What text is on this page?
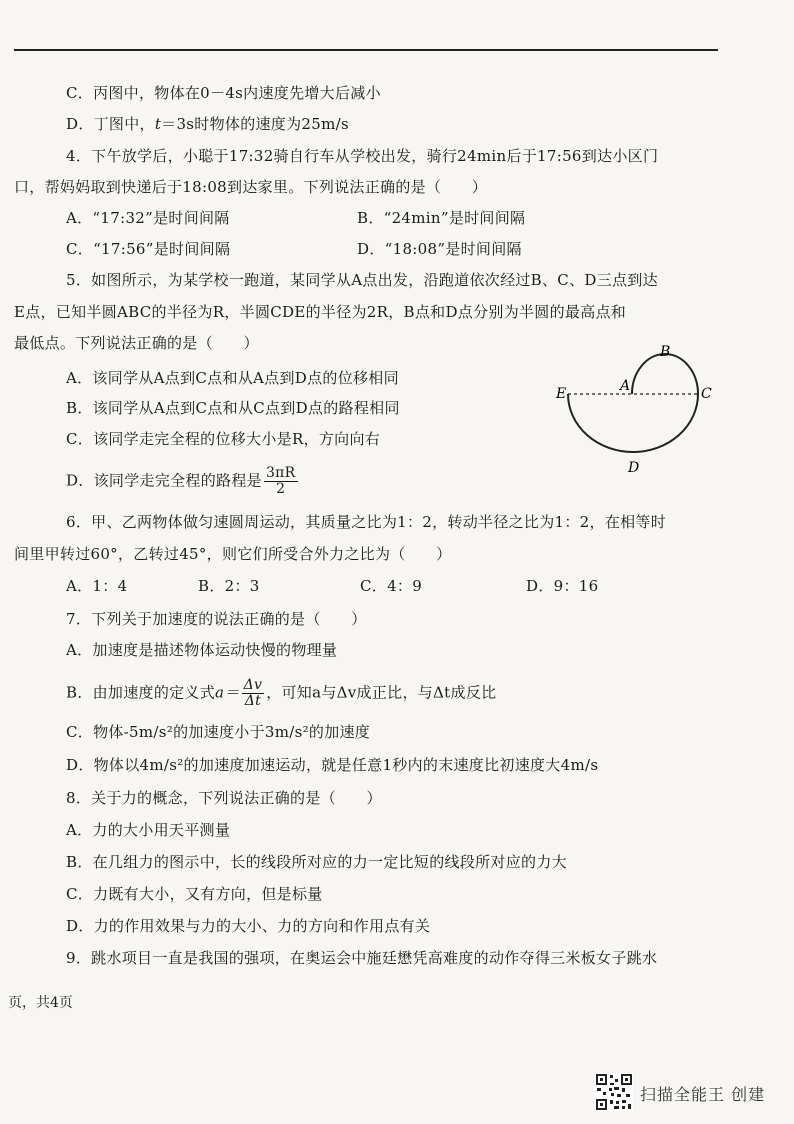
C．丙图中，物体在0－4s内速度先增大后减小
D．丁图中，t＝3s时物体的速度为25m/s
4．下午放学后，小聪于17:32骑自行车从学校出发，骑行24min后于17:56到达小区门
口，帮妈妈取到快递后于18:08到达家里。下列说法正确的是（　　）
A．“17:32”是时间间隔	B．“24min”是时间间隔
C．“17:56”是时间间隔	D．“18:08”是时间间隔
5．如图所示，为某学校一跑道，某同学从A点出发，沿跑道依次经过B、C、D三点到达
E点，已知半圆ABC的半径为R，半圆CDE的半径为2R，B点和D点分别为半圆的最高点和
最低点。下列说法正确的是（　　）
A．该同学从A点到C点和从A点到D点的位移相同
B．该同学从A点到C点和从C点到D点的路程相同
C．该同学走完全程的位移大小是R，方向向右
D．该同学走完全程的路程是 $\frac{3\pi R}{2}$
E	A
B
C
D
6．甲、乙两物体做匀速圆周运动，其质量之比为1：2，转动半径之比为1：2，在相等时
间里甲转过60°，乙转过45°，则它们所受合外力之比为（　　）
A．1：4	B．2：3	C．4：9	D．9：16
7．下列关于加速度的说法正确的是（　　）
A．加速度是描述物体运动快慢的物理量
B．由加速度的定义式$a= \frac{\Delta v}{\Delta t}$ ，可知a与Δv成正比，与Δt成反比
C．物体-5m/s²的加速度小于3m/s²的加速度
D．物体以4m/s²的加速度加速运动，就是任意1秒内的末速度比初速度大4m/s
8．关于力的概念，下列说法正确的是（　　）
A．力的大小用天平测量
B．在几组力的图示中，长的线段所对应的力一定比短的线段所对应的力大
C．力既有大小，又有方向，但是标量
D．力的作用效果与力的大小、力的方向和作用点有关
9．跳水项目一直是我国的强项，在奥运会中施廷懋凭高难度的动作夺得三米板女子跳水
页，共4页
扫描全能王 创建
